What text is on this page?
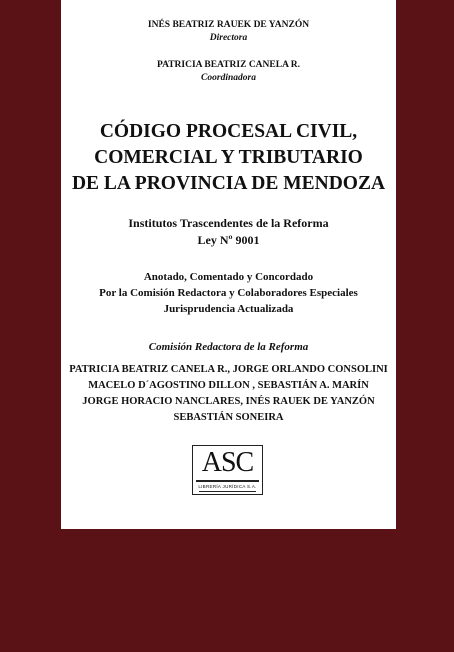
INÉS BEATRIZ RAUEK DE YANZÓN
Directora
PATRICIA BEATRIZ CANELA R.
Coordinadora
CÓDIGO PROCESAL CIVIL,
COMERCIAL Y TRIBUTARIO
DE LA PROVINCIA DE MENDOZA
Institutos Trascendentes de la Reforma
Ley Nº 9001
Anotado, Comentado y Concordado
Por la Comisión Redactora y Colaboradores Especiales
Jurisprudencia Actualizada
Comisión Redactora de la Reforma
PATRICIA BEATRIZ CANELA R., JORGE ORLANDO CONSOLINI
MACELO D´AGOSTINO DILLON , SEBASTIÁN A. MARÍN
JORGE HORACIO NANCLARES, INÉS RAUEK DE YANZÓN
SEBASTIÁN SONEIRA
ASC
LIBRERÍA JURÍDICA S.A.
